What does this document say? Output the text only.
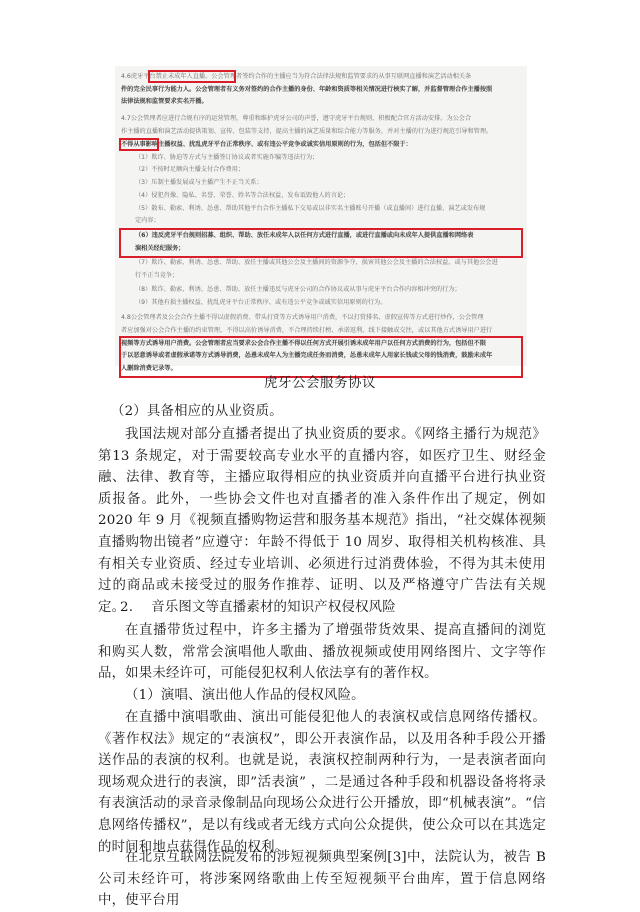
4.6虎牙平台禁止未成年人直播。公会管理者签约合作的主播应当为符合法律法规和监管要求的从事互联网直播和演艺活动相关条
件的完全民事行为能力人。公会管理者有义务对签约的合作主播的身份、年龄和资质等相关情况进行核实了解，并监督管理合作主播按照
法律法规和监管要求实名开播。
4.7公会管理者应进行合规有序的运营管理，尊重和维护虎牙公司的声誉，遵守虎牙平台规则，积极配合官方活动安排。为公会合
作主播的直播和演艺活动提供策划、宣传、包装等支持，提高主播的演艺质量和综合能力等服务，并对主播的行为进行规范引导和管理。
不得从事影响主播权益、扰乱虎牙平台正常秩序、或有违公平竞争或诚实信用原则的行为，包括但不限于：
（1）欺诈、胁迫等方式与主播签订协议或者实施诈骗等违法行为；
（2）不按时足额向主播支付合作费用；
（3）压制主播发展或与主播产生不正当关系；
（4）侵犯肖像、隐私、名誉、荣誉、姓名等合法权益，发布诋毁他人的言论；
（5）散布、勒索、利诱、怂恿、帮助其他平台合作主播私下交易或以非实名主播账号开播（或直播间）进行直播、演艺或发布规
定内容；
（6）违反虎牙平台规则招募、组织、帮助、放任未成年人以任何方式进行直播，或进行直播或向未成年人提供直播和网络表
演相关经纪服务；
（7）欺诈、勒索、利诱、怂恿、帮助、放任主播或其他公会及主播间的资源争夺，损害其他公会及主播的合法权益，或与其他公会进
行不正当竞争；
（8）欺诈、勒索、利诱、怂恿、帮助、放任主播违反与虎牙公司的合作协议或从事与虎牙平台合作内容相冲突的行为；
（9）其他有损主播权益、扰乱虎牙平台正常秩序、或有违公平竞争或诚实信用原则的行为。
4.8公会管理者及公会合作主播不得以虚假消费、带头打赏等方式诱导用户消费，不以打赏排名、虚假宣传等方式进行炒作，公会管理
者应加强对公会合作主播的约束管理，不得以高价诱导消费，不合理持续打榜、承诺返利、线下接触或交往，或以其他方式诱导用户进行
视频等方式诱导用户消费。公会管理者应当要求公会合作主播不得以任何方式开展引诱未成年用户以任何方式消费的行为，包括但不限
于以恶意诱导或者虚假承诺等方式诱导消费，怂恿未成年人为主播完成任务而消费，怂恿未成年人用家长钱或父母的钱消费，鼓励未成年
人删除消费记录等。
虎牙公会服务协议
（2）具备相应的从业资质。
我国法规对部分直播者提出了执业资质的要求。《网络主播行为规范》第13 条规定，对于需要较高专业水平的直播内容，如医疗卫生、财经金融、法律、教育等，主播应取得相应的执业资质并向直播平台进行执业资质报备。此外，一些协会文件也对直播者的准入条件作出了规定，例如 2020 年 9 月《视频直播购物运营和服务基本规范》指出，“社交媒体视频直播购物出镜者”应遵守：年龄不得低于 10 周岁、取得相关机构核准、具有相关专业资质、经过专业培训、必须进行过消费体验，不得为其未使用过的商品或未接受过的服务作推荐、证明、以及严格遵守广告法有关规定。
2.　 音乐图文等直播素材的知识产权侵权风险
在直播带货过程中，许多主播为了增强带货效果、提高直播间的浏览和购买人数，常常会演唱他人歌曲、播放视频或使用网络图片、文字等作品，如果未经许可，可能侵犯权利人依法享有的著作权。
（1）演唱、演出他人作品的侵权风险。
在直播中演唱歌曲、演出可能侵犯他人的表演权或信息网络传播权。《著作权法》规定的“表演权”，即公开表演作品，以及用各种手段公开播送作品的表演的权利。也就是说，表演权控制两种行为，一是表演者面向现场观众进行的表演，即”活表演” ，二是通过各种手段和机器设备将将录有表演活动的录音录像制品向现场公众进行公开播放，即“机械表演”。“信息网络传播权”，是以有线或者无线方式向公众提供，使公众可以在其选定的时间和地点获得作品的权利。
在北京互联网法院发布的涉短视频典型案例[3]中，法院认为，被告 B 公司未经许可，将涉案网络歌曲上传至短视频平台曲库，置于信息网络中，使平台用
